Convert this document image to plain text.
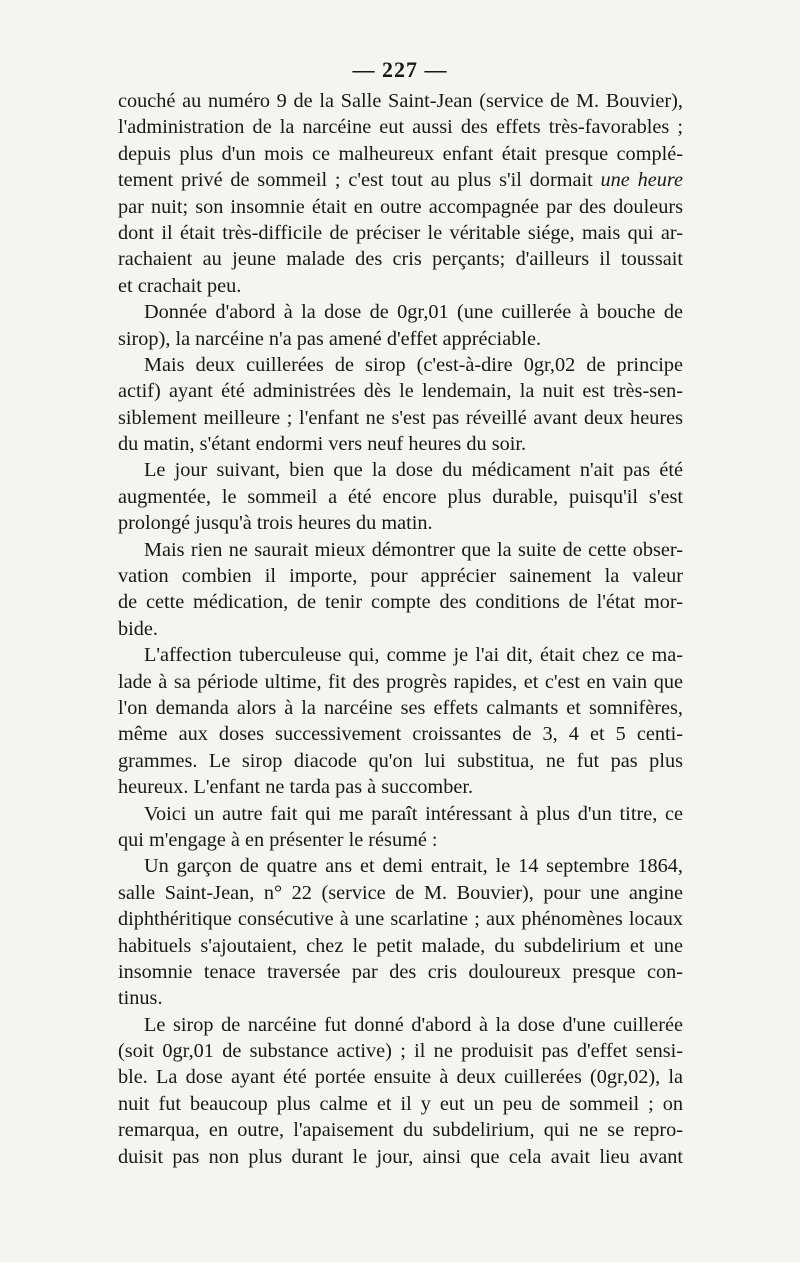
— 227 —
couché au numéro 9 de la Salle Saint-Jean (service de M. Bouvier),
l'administration de la narcéine eut aussi des effets très-favorables ;
depuis plus d'un mois ce malheureux enfant était presque complé-
tement privé de sommeil ; c'est tout au plus s'il dormait une heure
par nuit; son insomnie était en outre accompagnée par des douleurs
dont il était très-difficile de préciser le véritable siége, mais qui ar-
rachaient au jeune malade des cris perçants; d'ailleurs il toussait
et crachait peu.
Donnée d'abord à la dose de 0gr,01 (une cuillerée à bouche de
sirop), la narcéine n'a pas amené d'effet appréciable.
Mais deux cuillerées de sirop (c'est-à-dire 0gr,02 de principe
actif) ayant été administrées dès le lendemain, la nuit est très-sen-
siblement meilleure ; l'enfant ne s'est pas réveillé avant deux heures
du matin, s'étant endormi vers neuf heures du soir.
Le jour suivant, bien que la dose du médicament n'ait pas été
augmentée, le sommeil a été encore plus durable, puisqu'il s'est
prolongé jusqu'à trois heures du matin.
Mais rien ne saurait mieux démontrer que la suite de cette obser-
vation combien il importe, pour apprécier sainement la valeur
de cette médication, de tenir compte des conditions de l'état mor-
bide.
L'affection tuberculeuse qui, comme je l'ai dit, était chez ce ma-
lade à sa période ultime, fit des progrès rapides, et c'est en vain que
l'on demanda alors à la narcéine ses effets calmants et somnifères,
même aux doses successivement croissantes de 3, 4 et 5 centi-
grammes. Le sirop diacode qu'on lui substitua, ne fut pas plus
heureux. L'enfant ne tarda pas à succomber.
Voici un autre fait qui me paraît intéressant à plus d'un titre, ce
qui m'engage à en présenter le résumé :
Un garçon de quatre ans et demi entrait, le 14 septembre 1864,
salle Saint-Jean, n° 22 (service de M. Bouvier), pour une angine
diphthéritique consécutive à une scarlatine ; aux phénomènes locaux
habituels s'ajoutaient, chez le petit malade, du subdelirium et une
insomnie tenace traversée par des cris douloureux presque con-
tinus.
Le sirop de narcéine fut donné d'abord à la dose d'une cuillerée
(soit 0gr,01 de substance active) ; il ne produisit pas d'effet sensi-
ble. La dose ayant été portée ensuite à deux cuillerées (0gr,02), la
nuit fut beaucoup plus calme et il y eut un peu de sommeil ; on
remarqua, en outre, l'apaisement du subdelirium, qui ne se repro-
duisit pas non plus durant le jour, ainsi que cela avait lieu avant
